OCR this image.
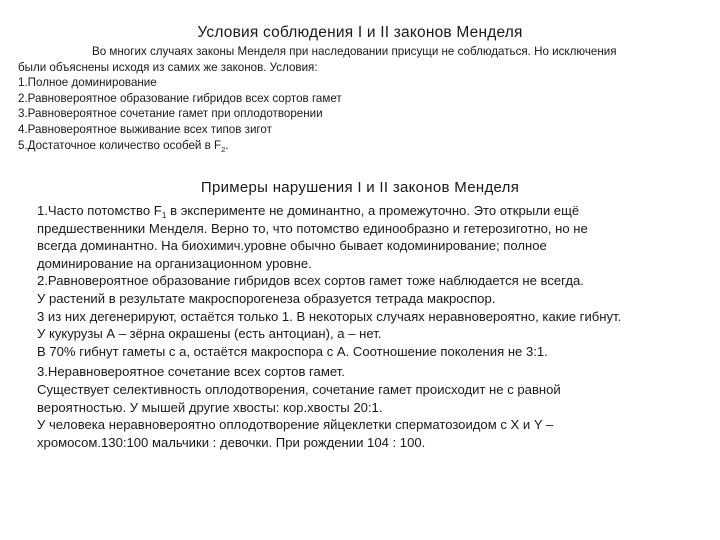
Условия соблюдения I и II законов Менделя

Во многих случаях законы Менделя при наследовании присущи не соблюдаться. Но исключения

были объяснены исходя из самих же законов. Условия:

1.Полное доминирование

2.Равновероятное образование гибридов всех сортов гамет

3.Равновероятное сочетание гамет при оплодотворении

4.Равновероятное выживание всех типов зигот

5.Достаточное количество особей в $F_2$.

Примеры нарушения I и II законов Менделя

1.Часто потомство $F_1$ в эксперименте не доминантно, а промежуточно. Это открыли ещё

предшественники Менделя. Верно то, что потомство единообразно и гетерозиготно, но не

всегда доминантно. На биохимич.уровне обычно бывает кодоминирование; полное

доминирование на организационном уровне.

2.Равновероятное образование гибридов всех сортов гамет тоже наблюдается не всегда.

У растений в результате макроспорогенеза образуется тетрада макроспор.

3 из них дегенерируют, остаётся только 1. В некоторых случаях неравновероятно, какие гибнут.

У кукурузы А – зёрна окрашены (есть антоциан), а – нет.

В 70% гибнут гаметы с а, остаётся макроспора с А. Соотношение поколения не 3:1.

3.Неравновероятное сочетание всех сортов гамет.

Существует селективность оплодотворения, сочетание гамет происходит не с равной

вероятностью. У мышей другие хвосты: кор.хвосты 20:1.

У человека неравновероятно оплодотворение яйцеклетки сперматозоидом с X и Y –

хромосом.130:100 мальчики : девочки. При рождении 104 : 100.
